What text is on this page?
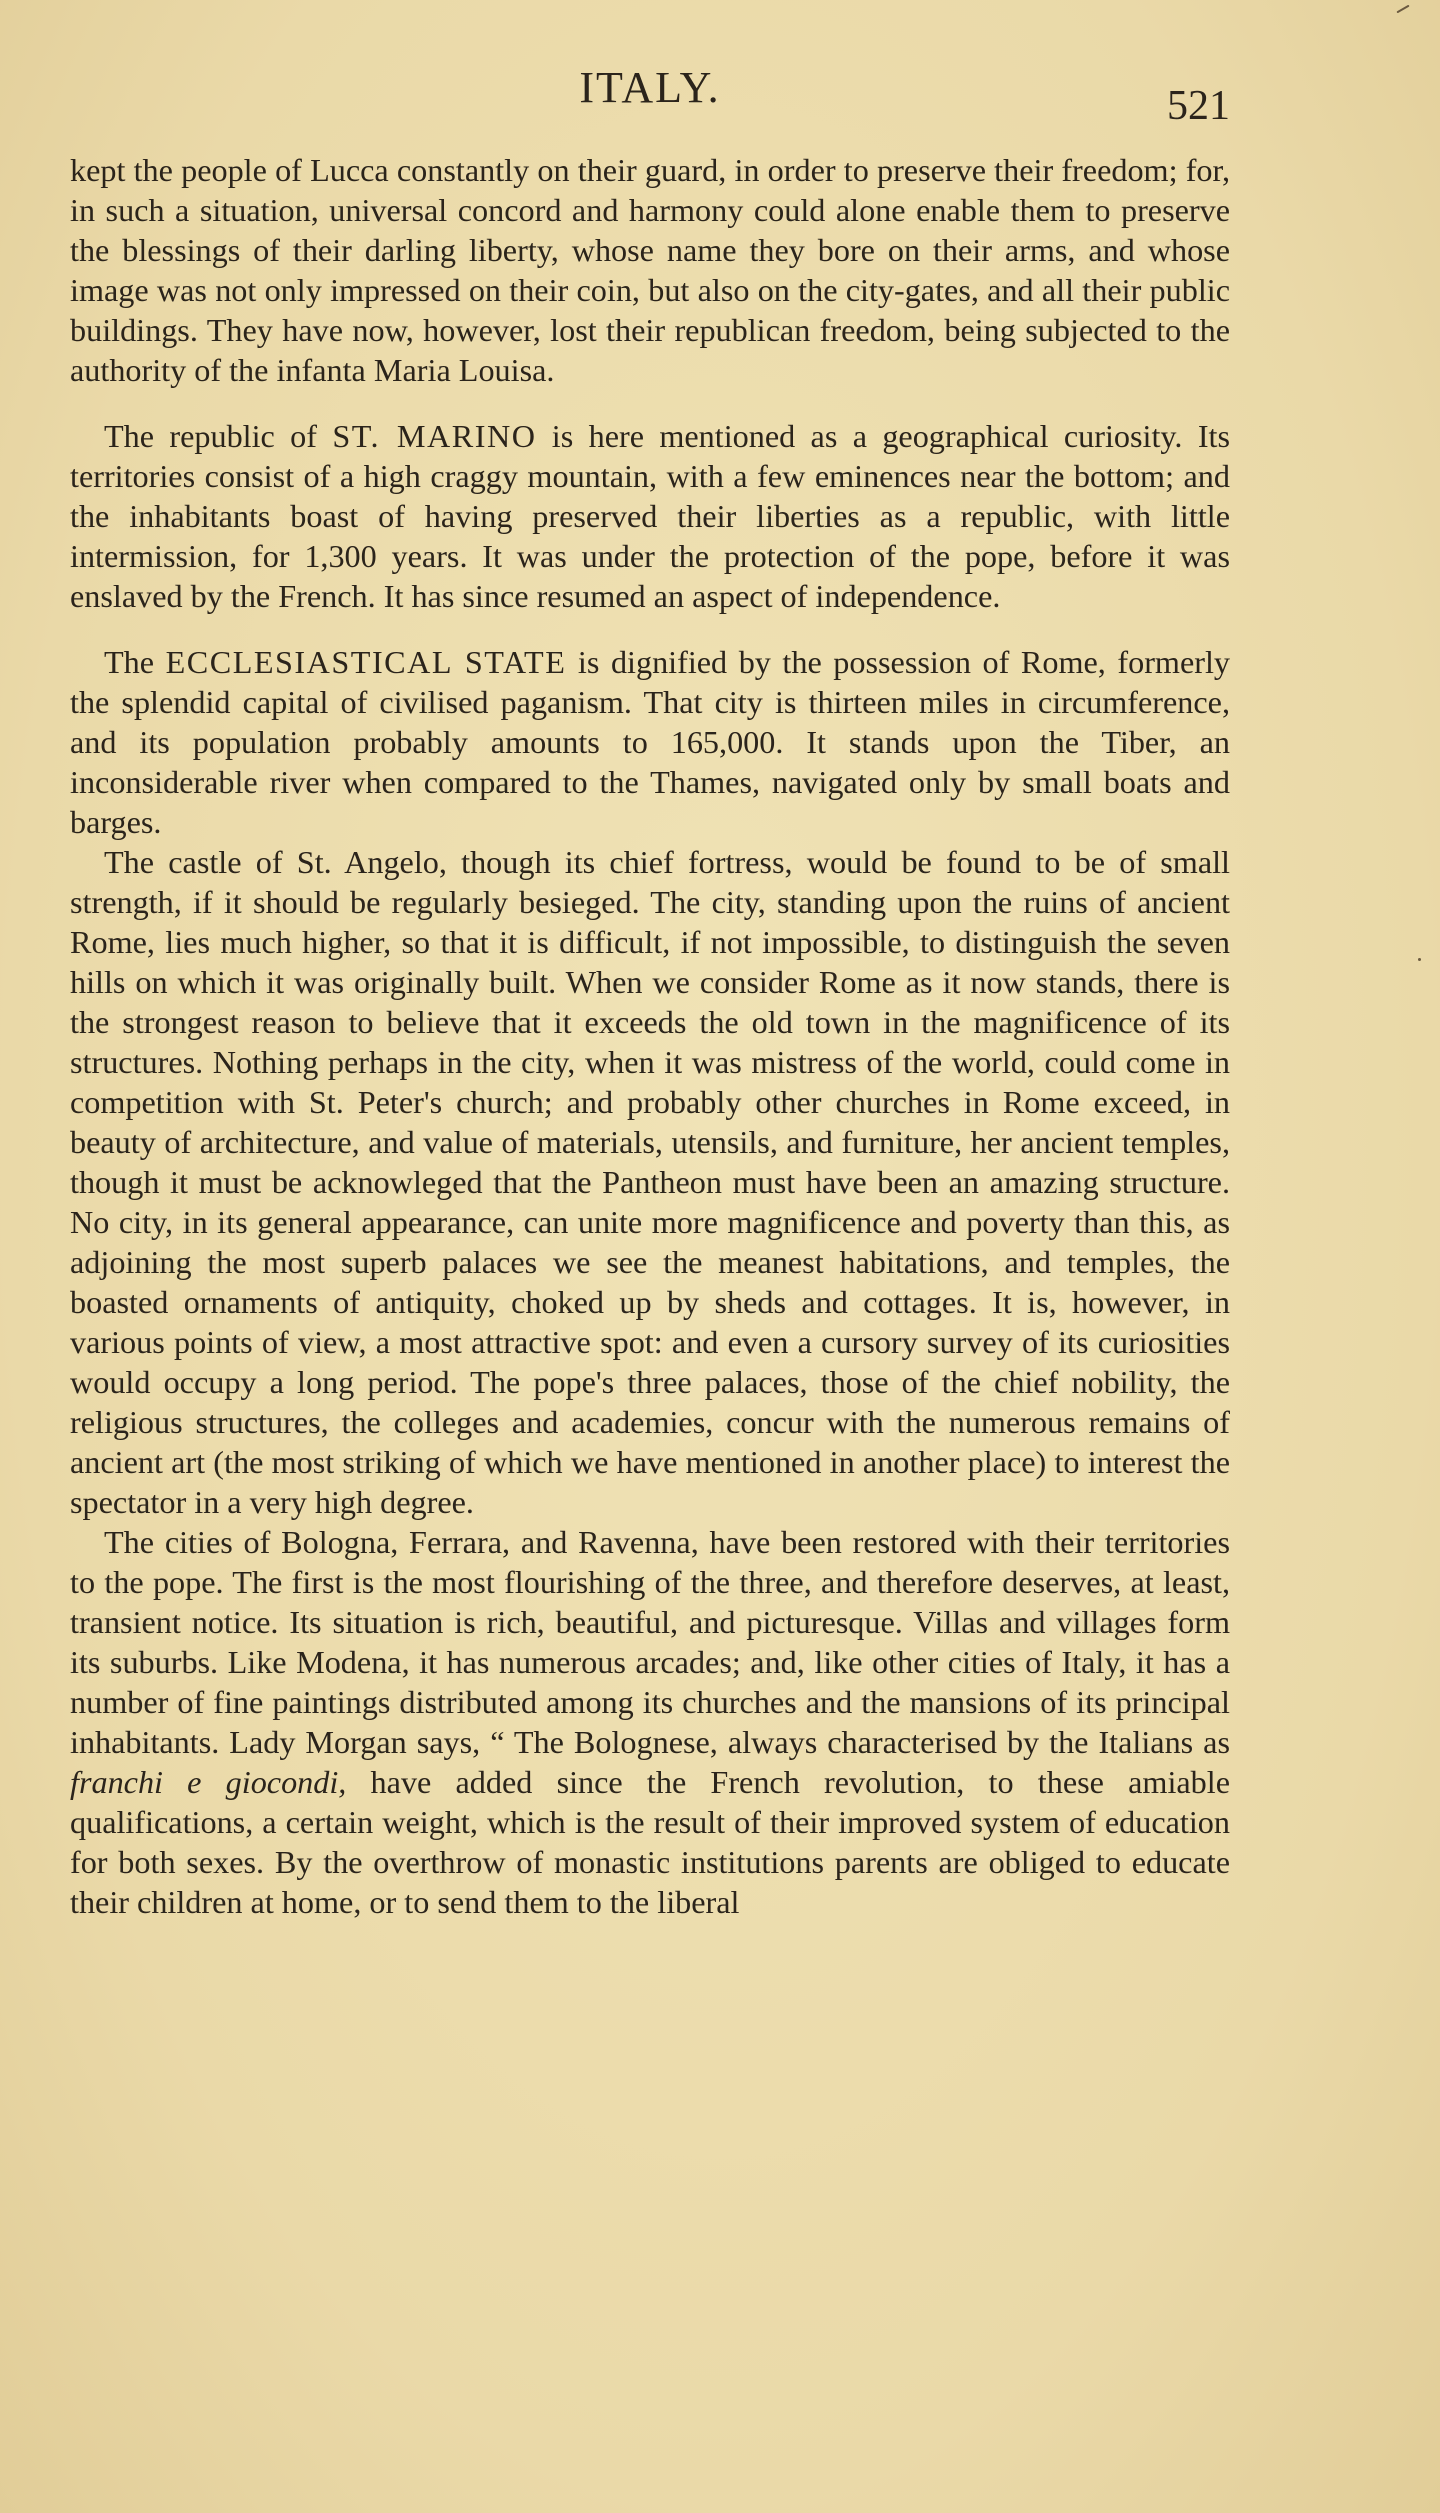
ITALY.	521

kept the people of Lucca constantly on their guard, in order to preserve their freedom; for, in such a situation, universal concord and harmony could alone enable them to preserve the blessings of their darling liberty, whose name they bore on their arms, and whose image was not only impressed on their coin, but also on the city-gates, and all their public buildings. They have now, however, lost their republican freedom, being subjected to the authority of the infanta Maria Louisa.

The republic of ST. MARINO is here mentioned as a geographical curiosity. Its territories consist of a high craggy mountain, with a few eminences near the bottom; and the inhabitants boast of having preserved their liberties as a republic, with little intermission, for 1,300 years. It was under the protection of the pope, before it was enslaved by the French. It has since resumed an aspect of independence.

The ECCLESIASTICAL STATE is dignified by the possession of Rome, formerly the splendid capital of civilised paganism. That city is thirteen miles in circumference, and its population probably amounts to 165,000. It stands upon the Tiber, an inconsiderable river when compared to the Thames, navigated only by small boats and barges.

The castle of St. Angelo, though its chief fortress, would be found to be of small strength, if it should be regularly besieged. The city, standing upon the ruins of ancient Rome, lies much higher, so that it is difficult, if not impossible, to distinguish the seven hills on which it was originally built. When we consider Rome as it now stands, there is the strongest reason to believe that it exceeds the old town in the magnificence of its structures. Nothing perhaps in the city, when it was mistress of the world, could come in competition with St. Peter's church; and probably other churches in Rome exceed, in beauty of architecture, and value of materials, utensils, and furniture, her ancient temples, though it must be acknowleged that the Pantheon must have been an amazing structure. No city, in its general appearance, can unite more magnificence and poverty than this, as adjoining the most superb palaces we see the meanest habitations, and temples, the boasted ornaments of antiquity, choked up by sheds and cottages. It is, however, in various points of view, a most attractive spot: and even a cursory survey of its curiosities would occupy a long period. The pope's three palaces, those of the chief nobility, the religious structures, the colleges and academies, concur with the numerous remains of ancient art (the most striking of which we have mentioned in another place) to interest the spectator in a very high degree.

The cities of Bologna, Ferrara, and Ravenna, have been restored with their territories to the pope. The first is the most flourishing of the three, and therefore deserves, at least, transient notice. Its situation is rich, beautiful, and picturesque. Villas and villages form its suburbs. Like Modena, it has numerous arcades; and, like other cities of Italy, it has a number of fine paintings distributed among its churches and the mansions of its principal inhabitants. Lady Morgan says, “ The Bolognese, always characterised by the Italians as franchi e giocondi, have added since the French revolution, to these amiable qualifications, a certain weight, which is the result of their improved system of education for both sexes. By the overthrow of monastic institutions parents are obliged to educate their children at home, or to send them to the liberal
